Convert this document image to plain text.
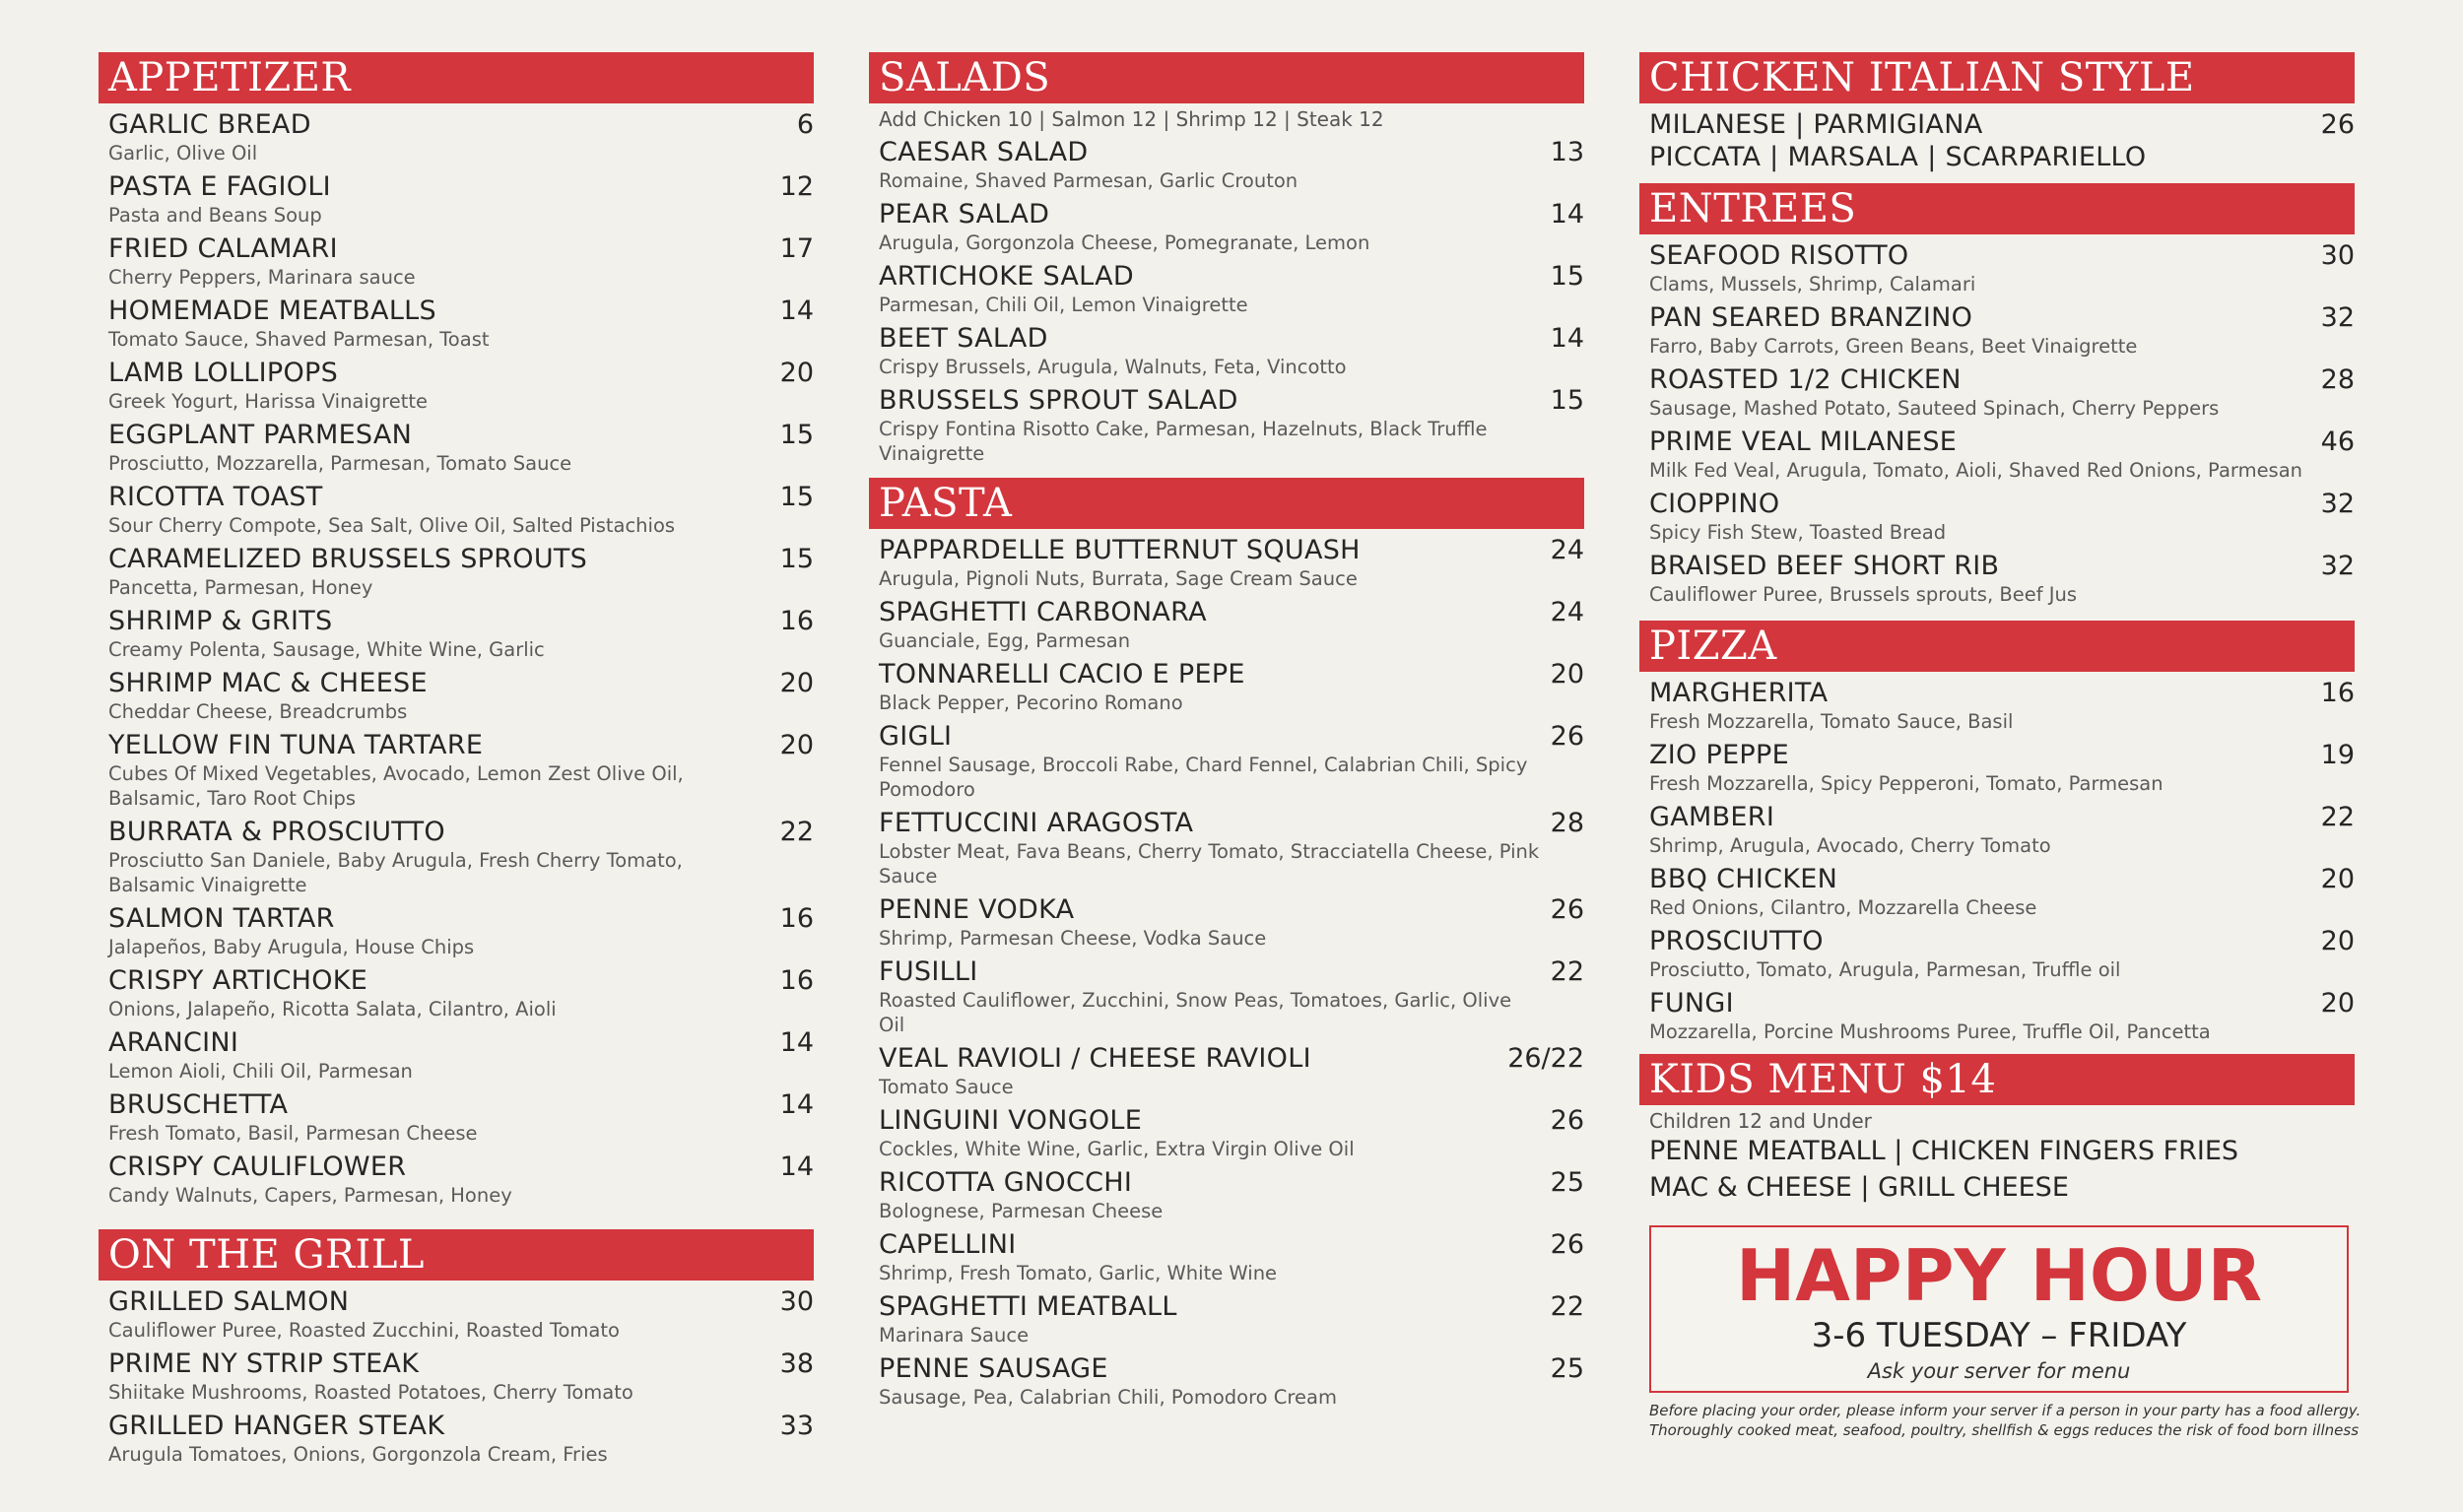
APPETIZER
GARLIC BREAD
Garlic, Olive Oil
6
PASTA E FAGIOLI
Pasta and Beans Soup
12
FRIED CALAMARI
Cherry Peppers, Marinara sauce
17
HOMEMADE MEATBALLS
Tomato Sauce, Shaved Parmesan, Toast
14
LAMB LOLLIPOPS
Greek Yogurt, Harissa Vinaigrette
20
EGGPLANT PARMESAN
Prosciutto, Mozzarella, Parmesan, Tomato Sauce
15
RICOTTA TOAST
Sour Cherry Compote, Sea Salt, Olive Oil, Salted Pistachios
15
CARAMELIZED BRUSSELS SPROUTS
Pancetta, Parmesan, Honey
15
SHRIMP & GRITS
Creamy Polenta, Sausage, White Wine, Garlic
16
SHRIMP MAC & CHEESE
Cheddar Cheese, Breadcrumbs
20
YELLOW FIN TUNA TARTARE
Cubes Of Mixed Vegetables, Avocado, Lemon Zest Olive Oil, Balsamic, Taro Root Chips
20
BURRATA & PROSCIUTTO
Prosciutto San Daniele, Baby Arugula, Fresh Cherry Tomato, Balsamic Vinaigrette
22
SALMON TARTAR
Jalapeños, Baby Arugula, House Chips
16
CRISPY ARTICHOKE
Onions, Jalapeño, Ricotta Salata, Cilantro, Aioli
16
ARANCINI
Lemon Aioli, Chili Oil, Parmesan
14
BRUSCHETTA
Fresh Tomato, Basil, Parmesan Cheese
14
CRISPY CAULIFLOWER
Candy Walnuts, Capers, Parmesan, Honey
14
ON THE GRILL
GRILLED SALMON
Cauliflower Puree, Roasted Zucchini, Roasted Tomato
30
PRIME NY STRIP STEAK
Shiitake Mushrooms, Roasted Potatoes, Cherry Tomato
38
GRILLED HANGER STEAK
Arugula Tomatoes, Onions, Gorgonzola Cream, Fries
33
SALADS
Add Chicken 10 | Salmon 12 | Shrimp 12 | Steak 12
CAESAR SALAD
Romaine, Shaved Parmesan, Garlic Crouton
13
PEAR SALAD
Arugula, Gorgonzola Cheese, Pomegranate, Lemon
14
ARTICHOKE SALAD
Parmesan, Chili Oil, Lemon Vinaigrette
15
BEET SALAD
Crispy Brussels, Arugula, Walnuts, Feta, Vincotto
14
BRUSSELS SPROUT SALAD
Crispy Fontina Risotto Cake, Parmesan, Hazelnuts, Black Truffle Vinaigrette
15
PASTA
PAPPARDELLE BUTTERNUT SQUASH
Arugula, Pignoli Nuts, Burrata, Sage Cream Sauce
24
SPAGHETTI CARBONARA
Guanciale, Egg, Parmesan
24
TONNARELLI CACIO E PEPE
Black Pepper, Pecorino Romano
20
GIGLI
Fennel Sausage, Broccoli Rabe, Chard Fennel, Calabrian Chili, Spicy Pomodoro
26
FETTUCCINI ARAGOSTA
Lobster Meat, Fava Beans, Cherry Tomato, Stracciatella Cheese, Pink Sauce
28
PENNE VODKA
Shrimp, Parmesan Cheese, Vodka Sauce
26
FUSILLI
Roasted Cauliflower, Zucchini, Snow Peas, Tomatoes, Garlic, Olive Oil
22
VEAL RAVIOLI / CHEESE RAVIOLI
Tomato Sauce
26/22
LINGUINI VONGOLE
Cockles, White Wine, Garlic, Extra Virgin Olive Oil
26
RICOTTA GNOCCHI
Bolognese, Parmesan Cheese
25
CAPELLINI
Shrimp, Fresh Tomato, Garlic, White Wine
26
SPAGHETTI MEATBALL
Marinara Sauce
22
PENNE SAUSAGE
Sausage, Pea, Calabrian Chili, Pomodoro Cream
25
CHICKEN ITALIAN STYLE
MILANESE | PARMIGIANA
PICCATA | MARSALA | SCARPARIELLO
26
ENTREES
SEAFOOD RISOTTO
Clams, Mussels, Shrimp, Calamari
30
PAN SEARED BRANZINO
Farro, Baby Carrots, Green Beans, Beet Vinaigrette
32
ROASTED 1/2 CHICKEN
Sausage, Mashed Potato, Sauteed Spinach, Cherry Peppers
28
PRIME VEAL MILANESE
Milk Fed Veal, Arugula, Tomato, Aioli, Shaved Red Onions, Parmesan
46
CIOPPINO
Spicy Fish Stew, Toasted Bread
32
BRAISED BEEF SHORT RIB
Cauliflower Puree, Brussels sprouts, Beef Jus
32
PIZZA
MARGHERITA
Fresh Mozzarella, Tomato Sauce, Basil
16
ZIO PEPPE
Fresh Mozzarella, Spicy Pepperoni, Tomato, Parmesan
19
GAMBERI
Shrimp, Arugula, Avocado, Cherry Tomato
22
BBQ CHICKEN
Red Onions, Cilantro, Mozzarella Cheese
20
PROSCIUTTO
Prosciutto, Tomato, Arugula, Parmesan, Truffle oil
20
FUNGI
Mozzarella, Porcine Mushrooms Puree, Truffle Oil, Pancetta
20
KIDS MENU $14
Children 12 and Under
PENNE MEATBALL | CHICKEN FINGERS FRIES
MAC & CHEESE | GRILL CHEESE
HAPPY HOUR
3-6 TUESDAY – FRIDAY
Ask your server for menu
Before placing your order, please inform your server if a person in your party has a food allergy.
Thoroughly cooked meat, seafood, poultry, shellfish & eggs reduces the risk of food born illness
